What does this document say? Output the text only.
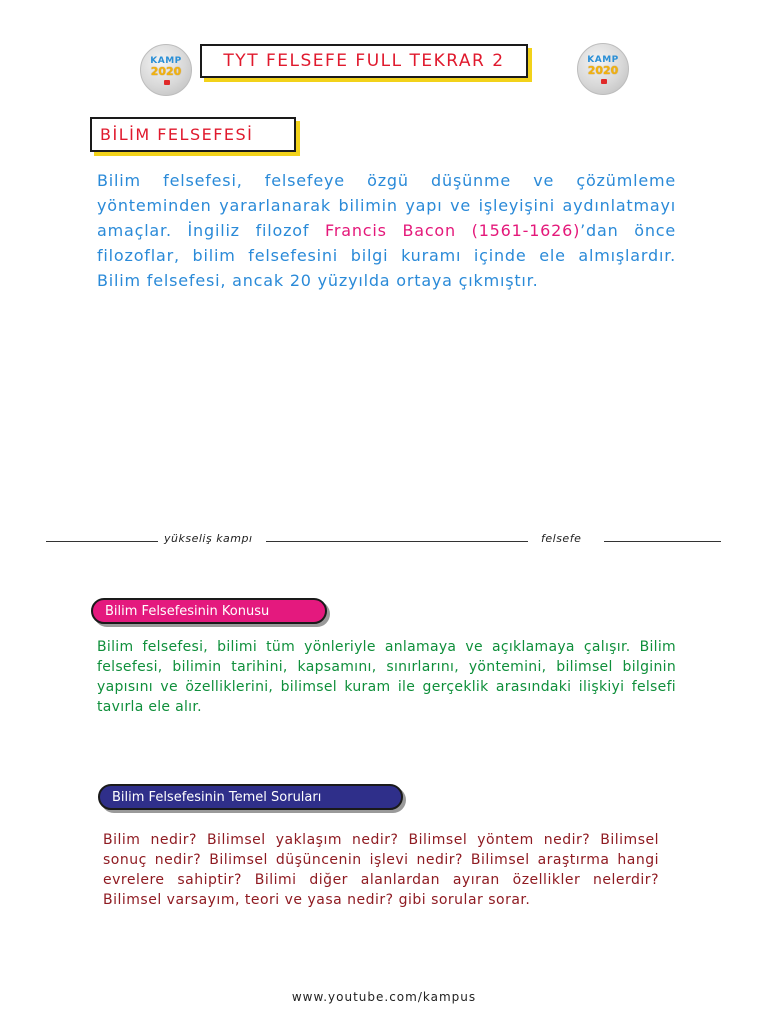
KAMP
2020
KAMP
2020
TYT FELSEFE FULL TEKRAR 2
BİLİM FELSEFESİ

Bilim felsefesi, felsefeye özgü düşünme ve çözümleme yönteminden yararlanarak bilimin yapı ve işleyişini aydınlatmayı amaçlar. İngiliz filozof Francis Bacon (1561-1626)’dan önce filozoflar, bilim felsefesini bilgi kuramı içinde ele almışlardır. Bilim felsefesi, ancak 20 yüzyılda ortaya çıkmıştır.

yükseliş kampı	felsefe
Bilim Felsefesinin Konusu

Bilim felsefesi, bilimi tüm yönleriyle anlamaya ve açıklamaya çalışır. Bilim felsefesi, bilimin tarihini, kapsamını, sınırlarını, yöntemini, bilimsel bilginin yapısını ve özelliklerini, bilimsel kuram ile gerçeklik arasındaki ilişkiyi felsefi tavırla ele alır.

Bilim Felsefesinin Temel Soruları

Bilim nedir? Bilimsel yaklaşım nedir? Bilimsel yöntem nedir? Bilimsel sonuç nedir? Bilimsel düşüncenin işlevi nedir? Bilimsel araştırma hangi evrelere sahiptir? Bilimi diğer alanlardan ayıran özellikler nelerdir? Bilimsel varsayım, teori ve yasa nedir? gibi sorular sorar.

www.youtube.com/kampus
